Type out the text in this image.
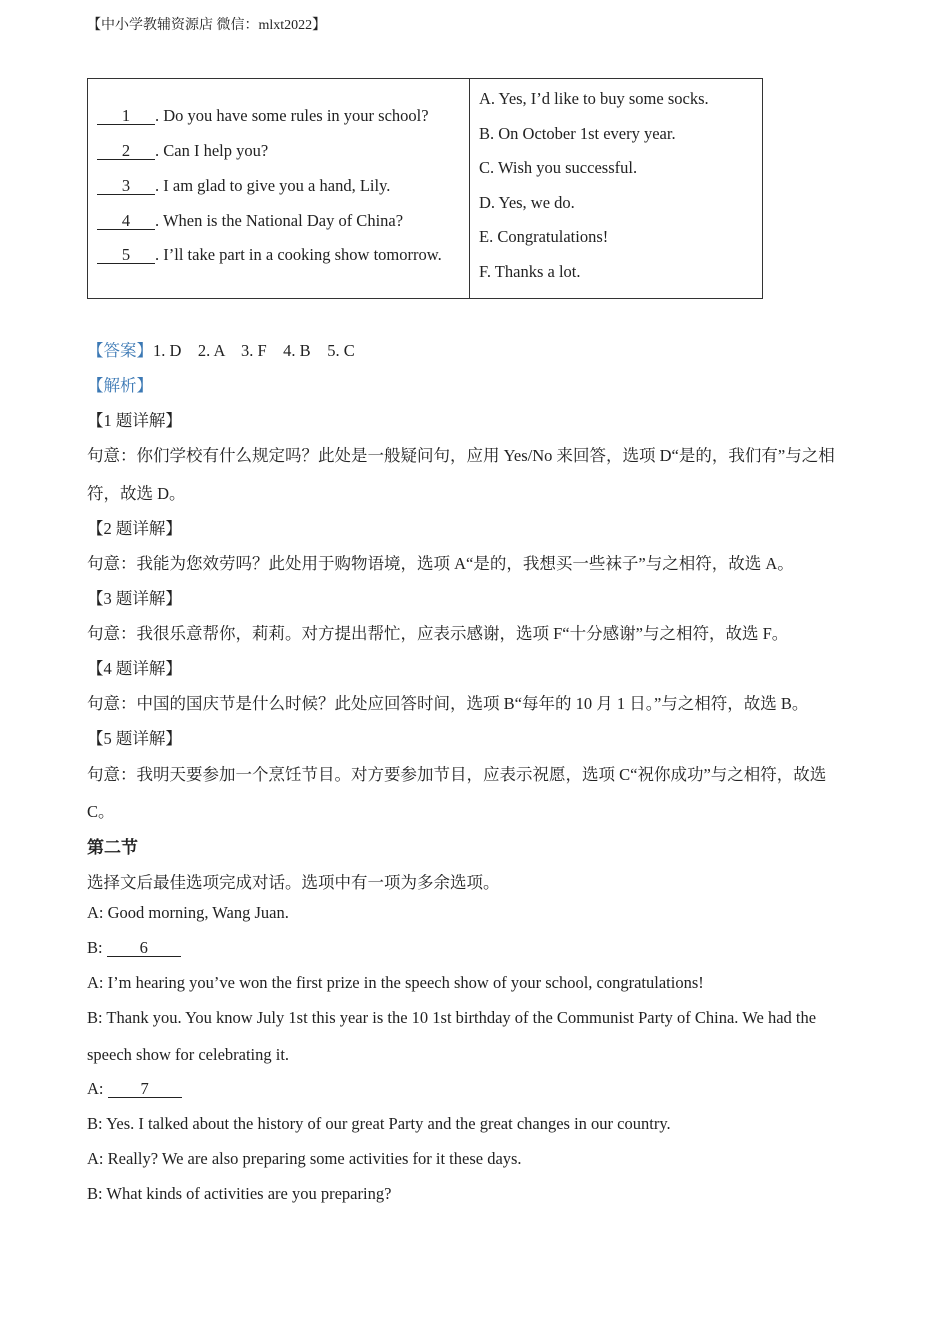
【中小学教辅资源店 微信：mlxt2022】
1 . Do you have some rules in your school?
2 . Can I help you?
3 . I am glad to give you a hand, Lily.
4 . When is the National Day of China?
5 . I’ll take part in a cooking show tomorrow.
A. Yes, I’d like to buy some socks.
B. On October 1st every year.
C. Wish you successful.
D. Yes, we do.
E. Congratulations!
F. Thanks a lot.
【答案】1. D    2. A    3. F    4. B    5. C
【解析】
【1 题详解】
句意：你们学校有什么规定吗？此处是一般疑问句，应用 Yes/No 来回答，选项 D“是的，我们有”与之相
符，故选 D。
【2 题详解】
句意：我能为您效劳吗？此处用于购物语境，选项 A“是的，我想买一些袜子”与之相符，故选 A。
【3 题详解】
句意：我很乐意帮你，莉莉。对方提出帮忙，应表示感谢，选项 F“十分感谢”与之相符，故选 F。
【4 题详解】
句意：中国的国庆节是什么时候？此处应回答时间，选项 B“每年的 10 月 1 日。”与之相符，故选 B。
【5 题详解】
句意：我明天要参加一个烹饪节目。对方要参加节目，应表示祝愿，选项 C“祝你成功”与之相符，故选
C。
第二节
选择文后最佳选项完成对话。选项中有一项为多余选项。
A: Good morning, Wang Juan.
B: 6
A: I’m hearing you’ve won the first prize in the speech show of your school, congratulations!
B: Thank you. You know July 1st this year is the 10 1st birthday of the Communist Party of China. We had the
speech show for celebrating it.
A: 7
B: Yes. I talked about the history of our great Party and the great changes in our country.
A: Really? We are also preparing some activities for it these days.
B: What kinds of activities are you preparing?
